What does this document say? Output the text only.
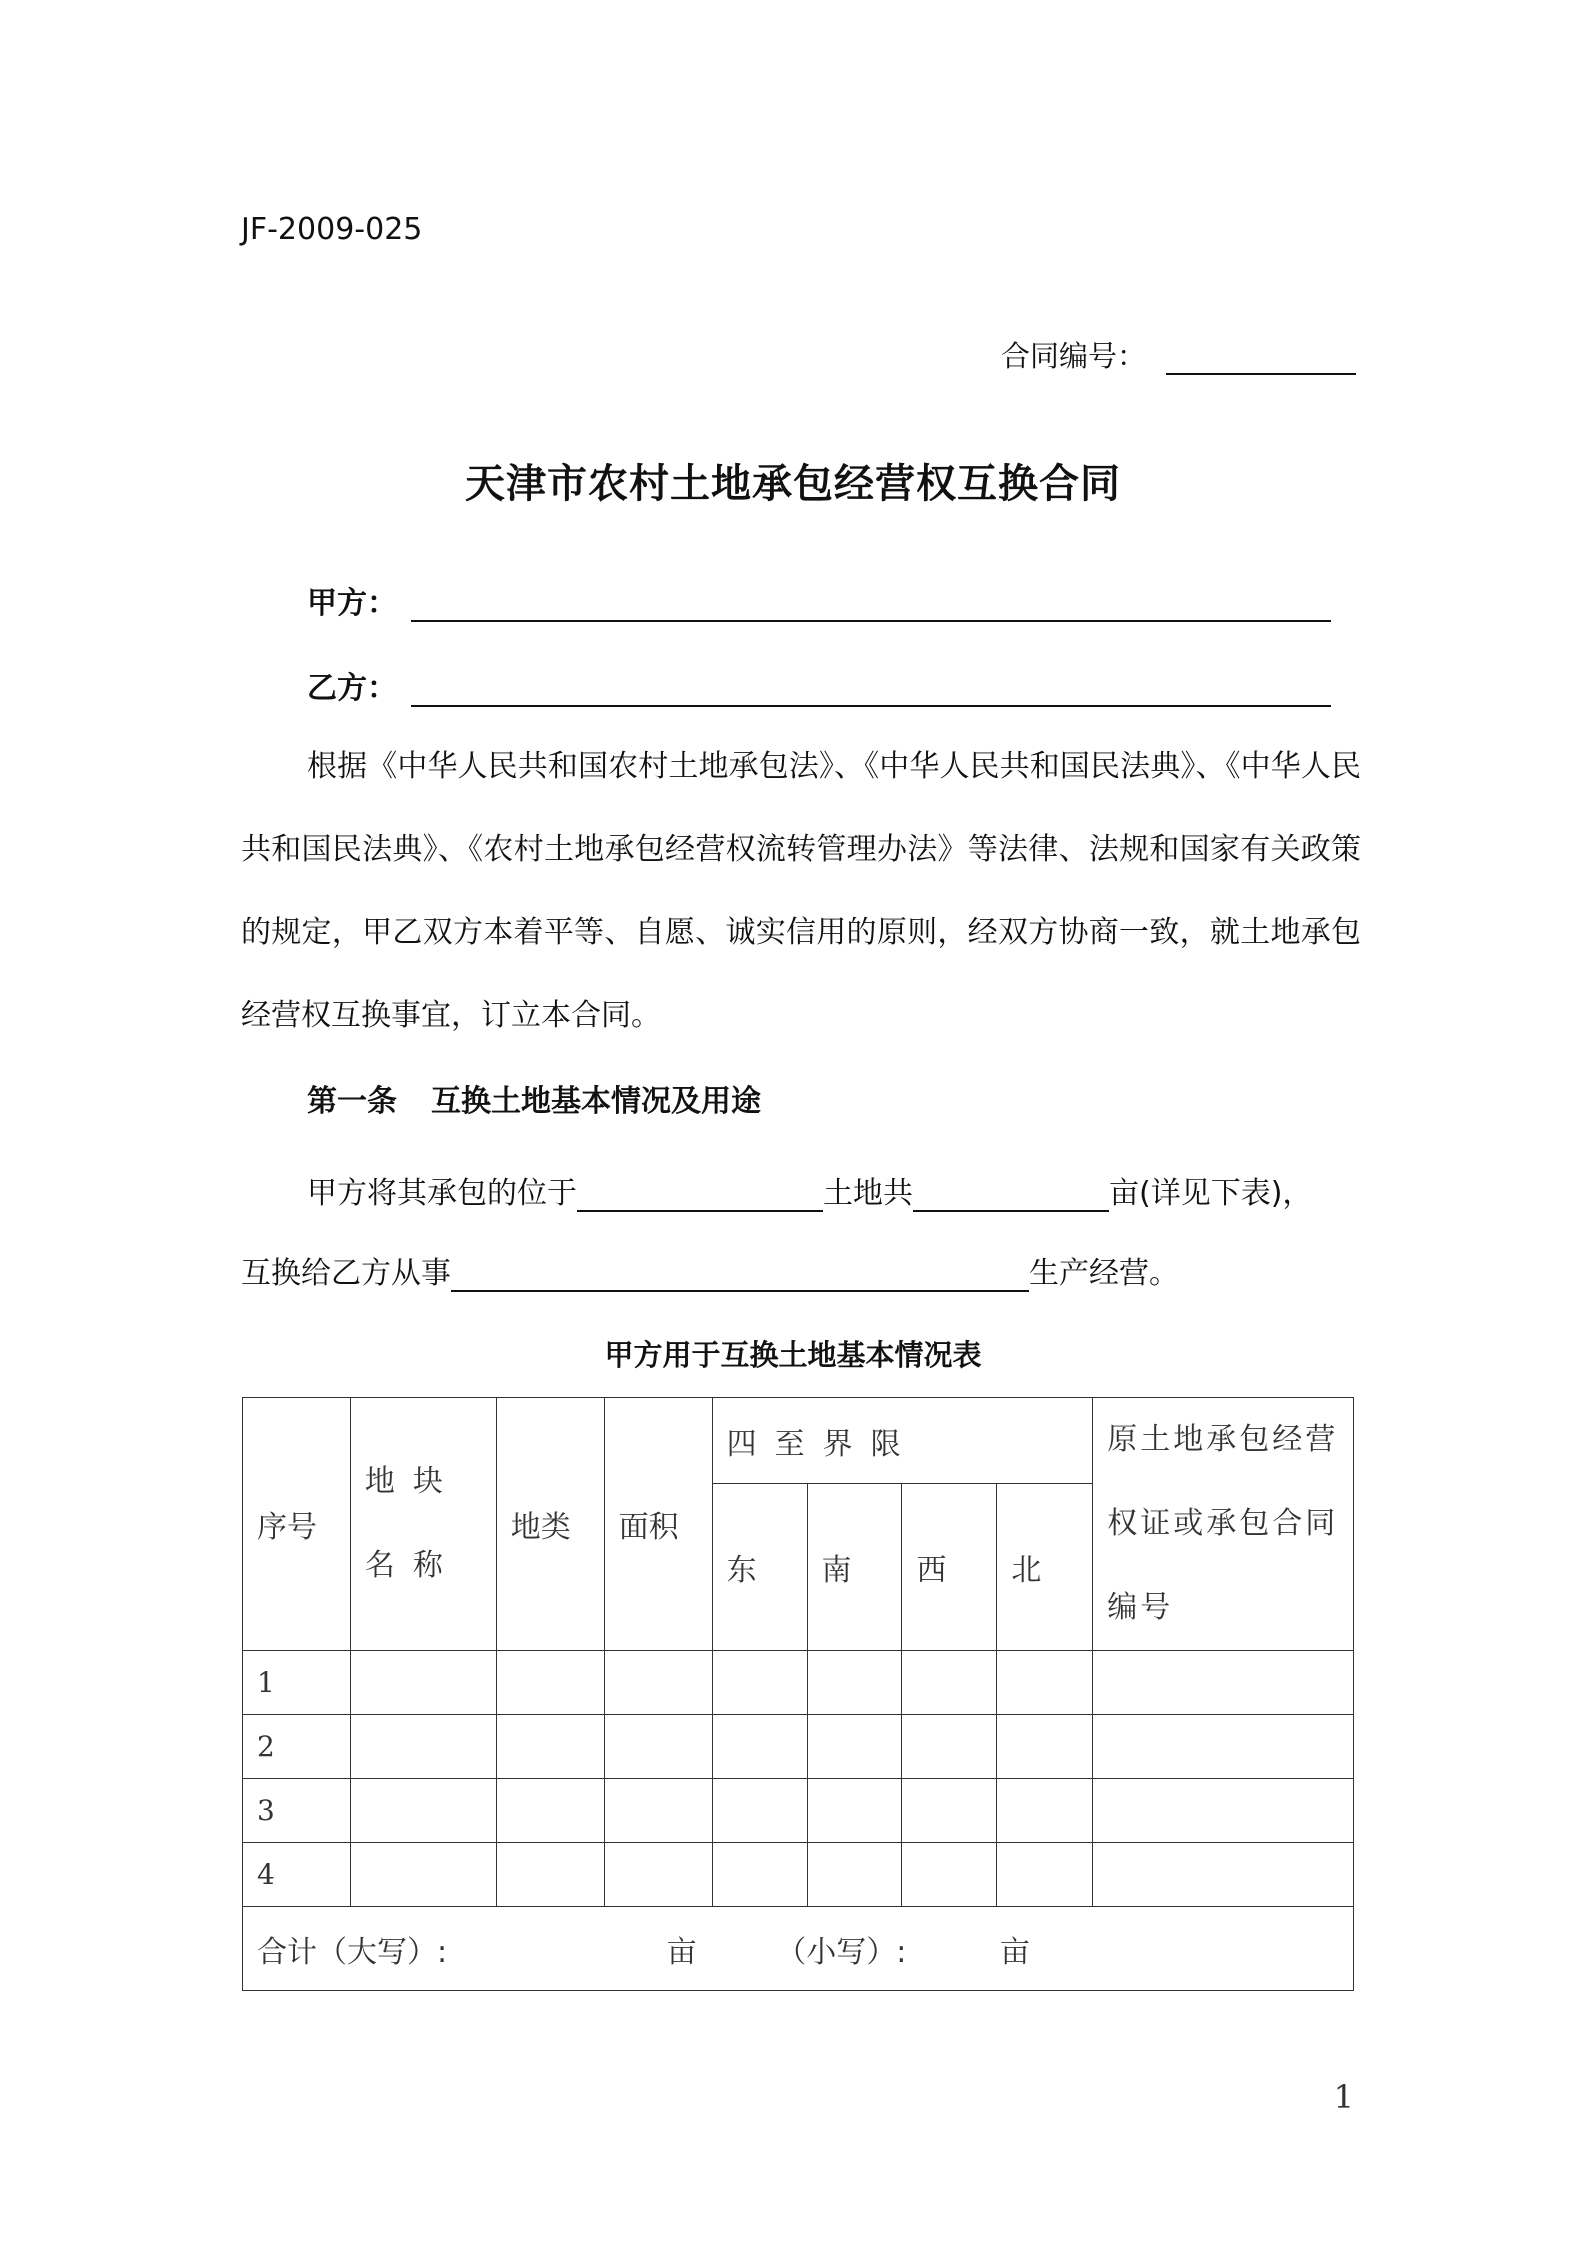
JF-2009-025
合同编号：
天津市农村土地承包经营权互换合同
甲方：
乙方：

根据《中华人民共和国农村土地承包法》、《中华人民共和国民法典》、《中华人民共和国民法典》、《农村土地承包经营权流转管理办法》等法律、法规和国家有关政策的规定，甲乙双方本着平等、自愿、诚实信用的原则，经双方协商一致，就土地承包经营权互换事宜，订立本合同。

第一条 互换土地基本情况及用途
甲方将其承包的位于	土地共	亩(详见下表)，
互换给乙方从事	生产经营。
甲方用于互换土地基本情况表
序号	地块名称	地类	面积	四至界限				原土地承包经营权证或承包合同编号
				东	南	西	北	
1								
2								
3								
4								
合计（大写）: 亩 （小写）: 亩								
1
